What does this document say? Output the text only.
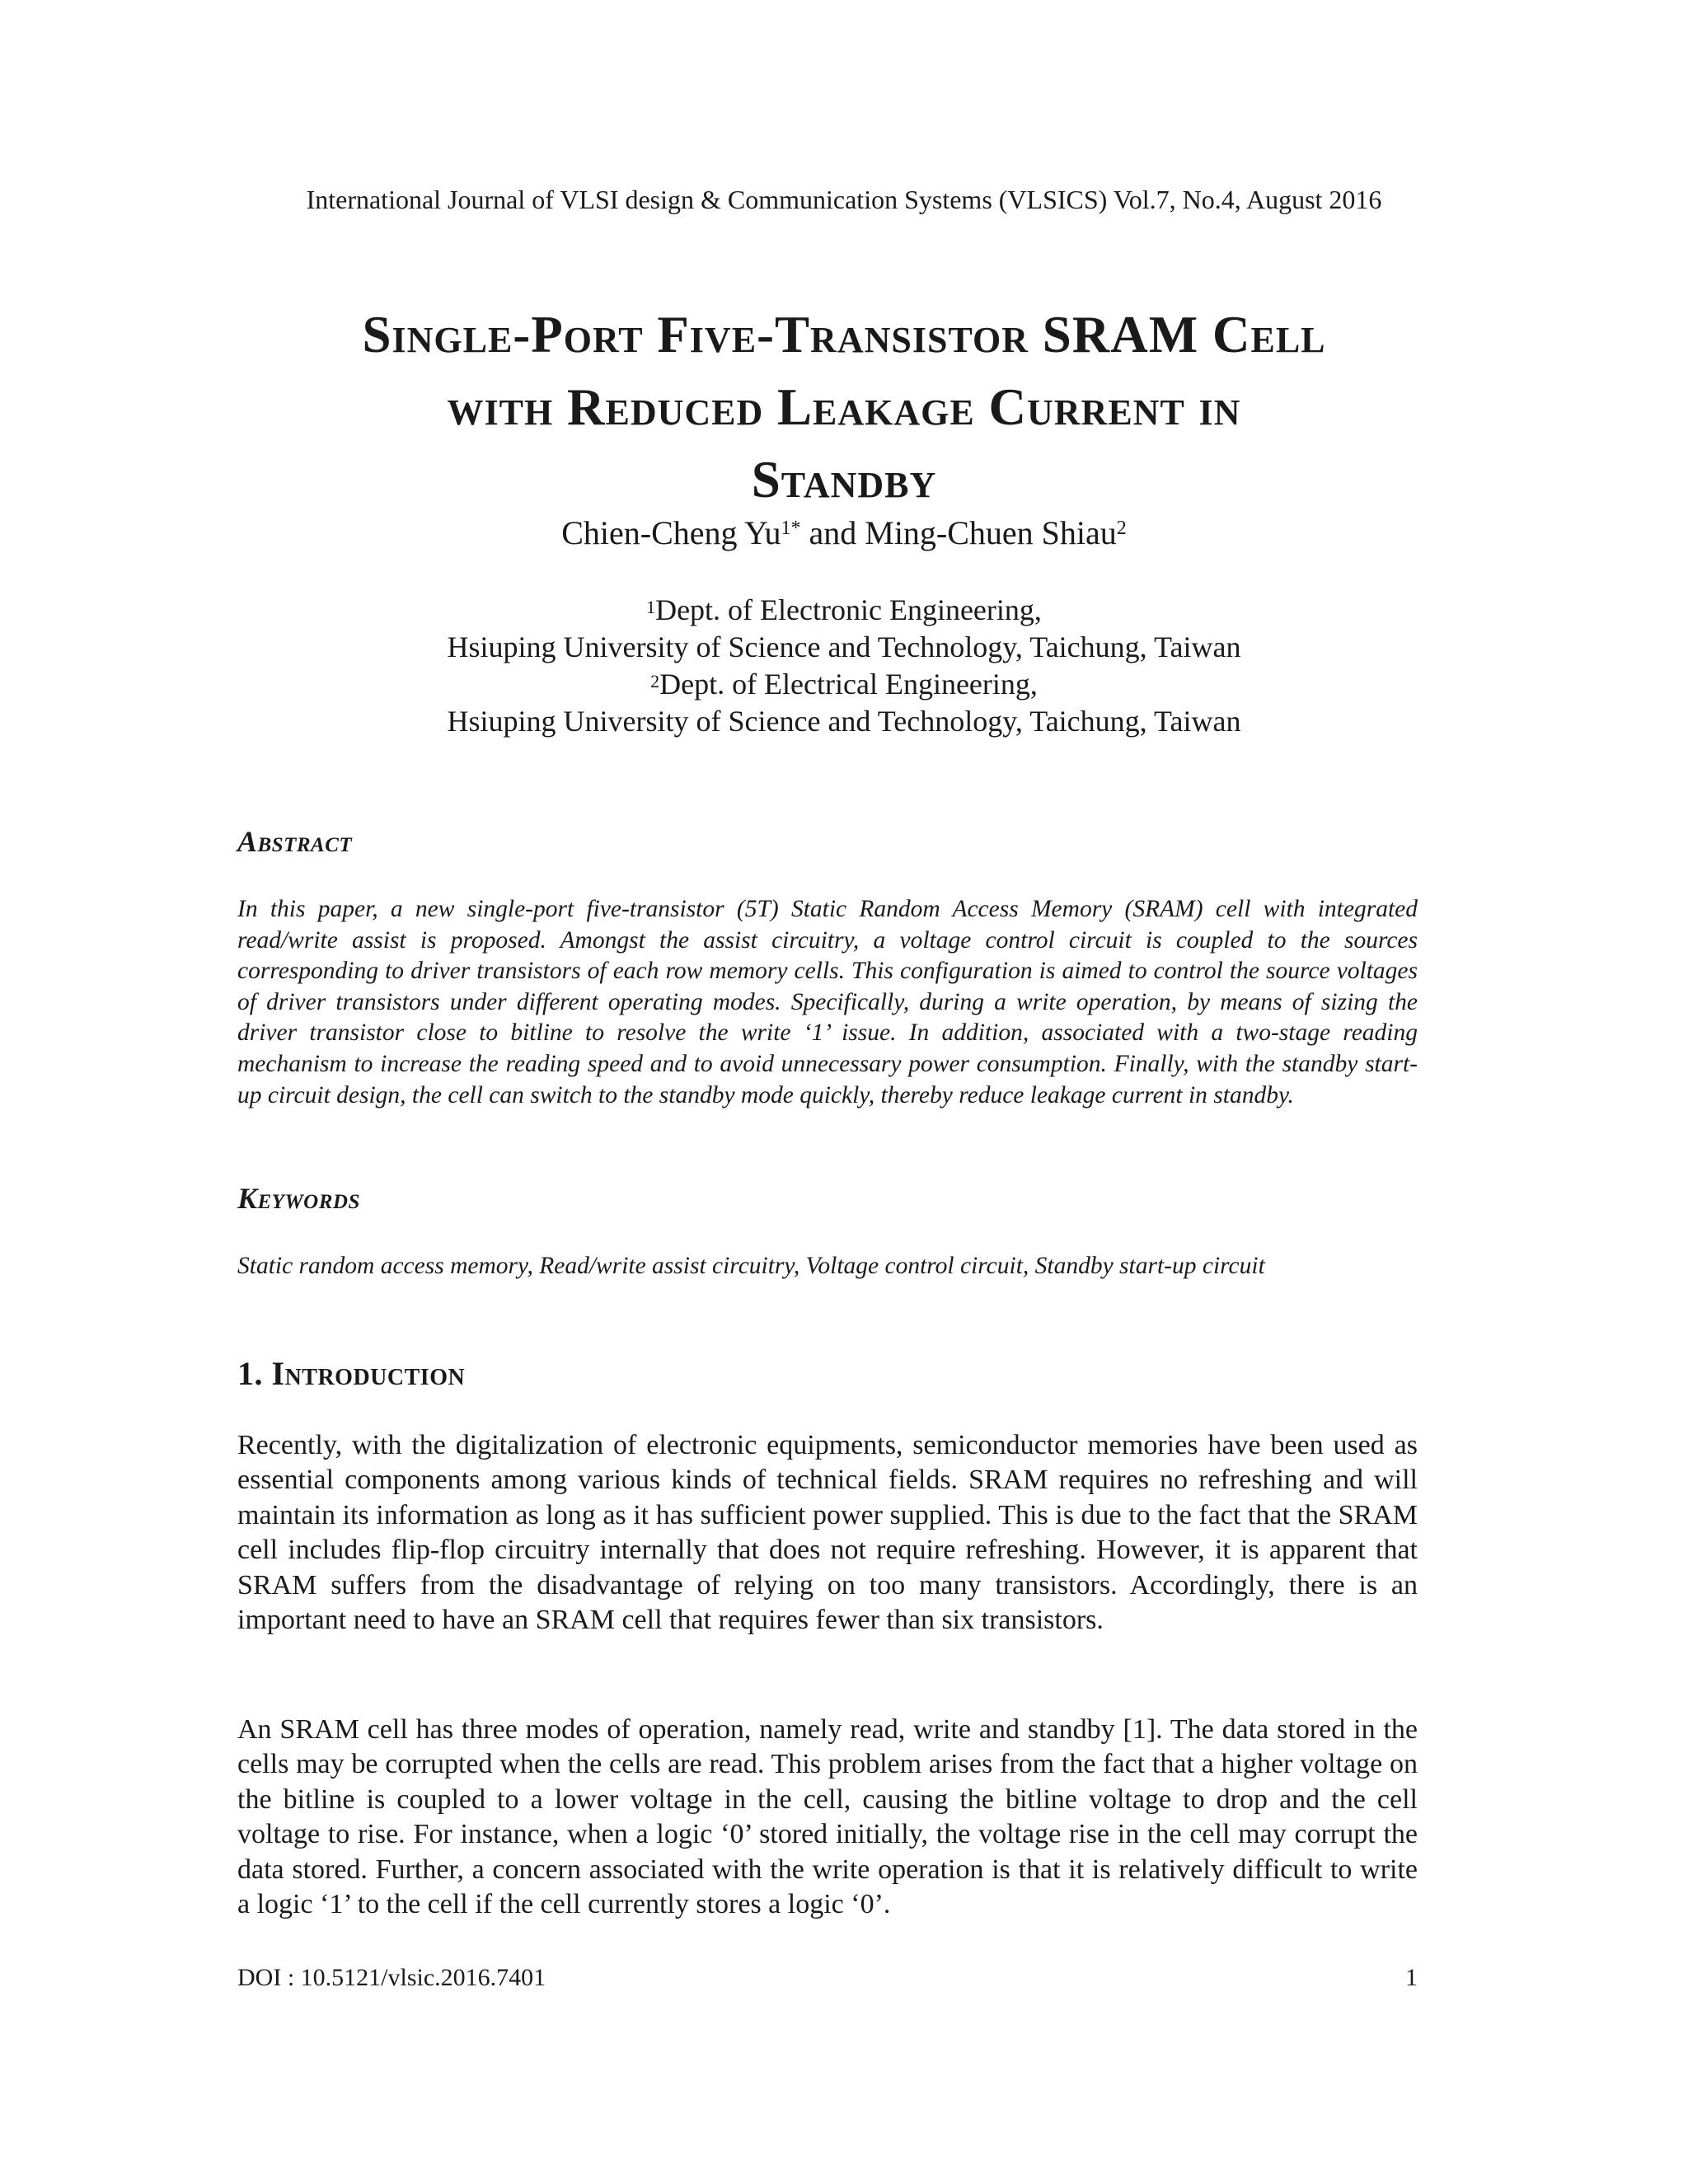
International Journal of VLSI design & Communication Systems (VLSICS) Vol.7, No.4, August 2016
Single-Port Five-Transistor SRAM Cell
with Reduced Leakage Current in
Standby
Chien-Cheng $Yu^{1*}$ and Ming-Chuen Shiau$^2$
$^1$Dept. of Electronic Engineering,
Hsiuping University of Science and Technology, Taichung, Taiwan
$^2$Dept. of Electrical Engineering,
Hsiuping University of Science and Technology, Taichung, Taiwan
Abstract
In this paper, a new single-port five-transistor (5T) Static Random Access Memory (SRAM) cell with integrated read/write assist is proposed. Amongst the assist circuitry, a voltage control circuit is coupled to the sources corresponding to driver transistors of each row memory cells. This configuration is aimed to control the source voltages of driver transistors under different operating modes. Specifically, during a write operation, by means of sizing the driver transistor close to bitline to resolve the write ‘1’ issue. In addition, associated with a two-stage reading mechanism to increase the reading speed and to avoid unnecessary power consumption. Finally, with the standby start-up circuit design, the cell can switch to the standby mode quickly, thereby reduce leakage current in standby.
Keywords
Static random access memory, Read/write assist circuitry, Voltage control circuit, Standby start-up circuit
1. Introduction
Recently, with the digitalization of electronic equipments, semiconductor memories have been used as essential components among various kinds of technical fields. SRAM requires no refreshing and will maintain its information as long as it has sufficient power supplied. This is due to the fact that the SRAM cell includes flip-flop circuitry internally that does not require refreshing. However, it is apparent that SRAM suffers from the disadvantage of relying on too many transistors. Accordingly, there is an important need to have an SRAM cell that requires fewer than six transistors.
An SRAM cell has three modes of operation, namely read, write and standby [1]. The data stored in the cells may be corrupted when the cells are read. This problem arises from the fact that a higher voltage on the bitline is coupled to a lower voltage in the cell, causing the bitline voltage to drop and the cell voltage to rise. For instance, when a logic ‘0’ stored initially, the voltage rise in the cell may corrupt the data stored. Further, a concern associated with the write operation is that it is relatively difficult to write a logic ‘1’ to the cell if the cell currently stores a logic ‘0’.
DOI : 10.5121/vlsic.2016.7401	1
